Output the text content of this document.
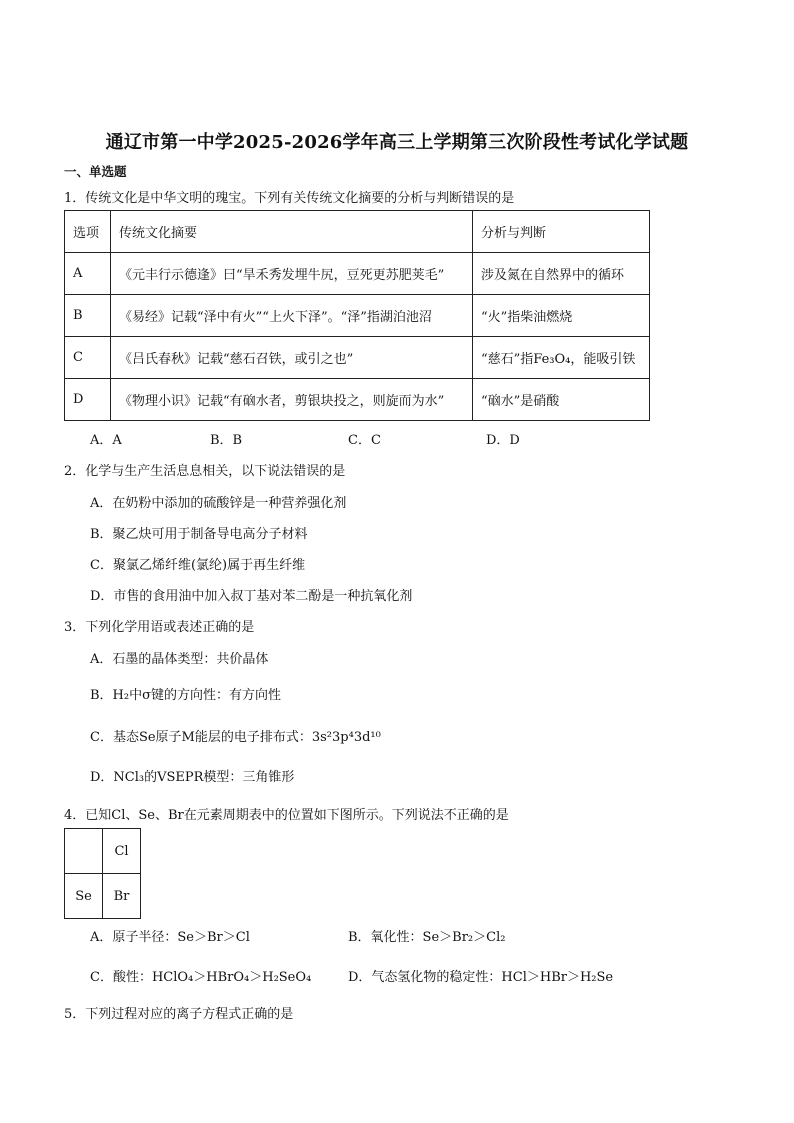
通辽市第一中学2025-2026学年高三上学期第三次阶段性考试化学试题
一、单选题
1．传统文化是中华文明的瑰宝。下列有关传统文化摘要的分析与判断错误的是
选项	传统文化摘要	分析与判断
A	《元丰行示德逢》曰“旱禾秀发埋牛尻，豆死更苏肥荚毛”	涉及氮在自然界中的循环
B	《易经》记载“泽中有火”“上火下泽”。“泽”指湖泊池沼	“火”指柴油燃烧
C	《吕氏春秋》记载“慈石召铁，或引之也”	“慈石”指Fe₃O₄，能吸引铁
D	《物理小识》记载“有硇水者，剪银块投之，则旋而为水”	“硇水”是硝酸
A．A	B．B	C．C	D．D
2．化学与生产生活息息相关，以下说法错误的是
A．在奶粉中添加的硫酸锌是一种营养强化剂
B．聚乙炔可用于制备导电高分子材料
C．聚氯乙烯纤维(氯纶)属于再生纤维
D．市售的食用油中加入叔丁基对苯二酚是一种抗氧化剂
3．下列化学用语或表述正确的是
A．石墨的晶体类型：共价晶体
B．H₂中σ键的方向性：有方向性
C．基态Se原子M能层的电子排布式：3s²3p⁴3d¹⁰
D．NCl₃的VSEPR模型：三角锥形
4．已知Cl、Se、Br在元素周期表中的位置如下图所示。下列说法不正确的是
	Cl
Se	Br
A．原子半径：Se＞Br＞Cl	B．氧化性：Se＞Br₂＞Cl₂
C．酸性：HClO₄＞HBrO₄＞H₂SeO₄	D．气态氢化物的稳定性：HCl＞HBr＞H₂Se
5．下列过程对应的离子方程式正确的是
